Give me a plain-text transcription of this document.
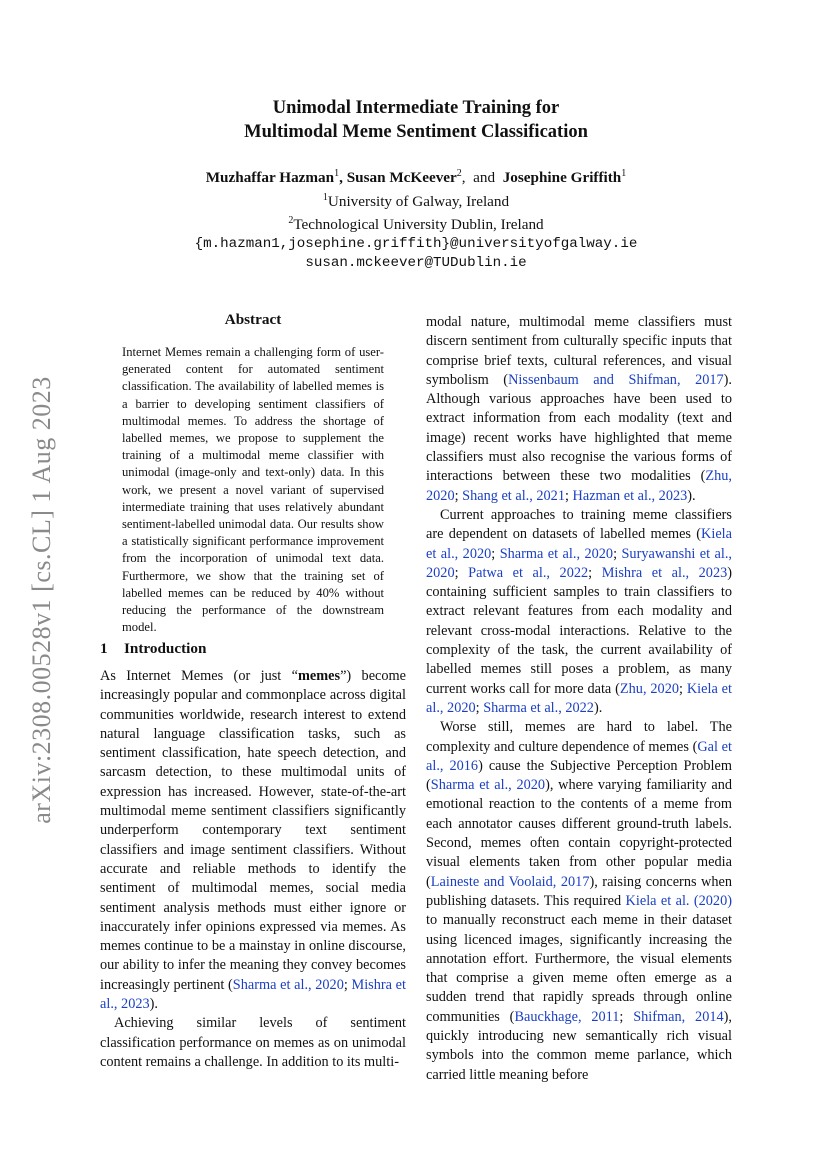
arXiv:2308.00528v1 [cs.CL] 1 Aug 2023
Unimodal Intermediate Training for
Multimodal Meme Sentiment Classification
Muzhaffar Hazman$^1$, Susan McKeever$^2$,  and  Josephine Griffith$^1$
$^1$University of Galway, Ireland
$^2$Technological University Dublin, Ireland
{m.hazman1,josephine.griffith}@universityofgalway.ie
susan.mckeever@TUDublin.ie
Abstract
Internet Memes remain a challenging form of user-generated content for automated sentiment classification. The availability of labelled memes is a barrier to developing sentiment classifiers of multimodal memes. To address the shortage of labelled memes, we propose to supplement the training of a multimodal meme classifier with unimodal (image-only and text-only) data. In this work, we present a novel variant of supervised intermediate training that uses relatively abundant sentiment-labelled unimodal data. Our results show a statistically significant performance improvement from the incorporation of unimodal text data. Furthermore, we show that the training set of labelled memes can be reduced by 40% without reducing the performance of the downstream model.
1 Introduction

As Internet Memes (or just “memes”) become increasingly popular and commonplace across digital communities worldwide, research interest to extend natural language classification tasks, such as sentiment classification, hate speech detection, and sarcasm detection, to these multimodal units of expression has increased. However, state-of-the-art multimodal meme sentiment classifiers significantly underperform contemporary text sentiment classifiers and image sentiment classifiers. Without accurate and reliable methods to identify the sentiment of multimodal memes, social media sentiment analysis methods must either ignore or inaccurately infer opinions expressed via memes. As memes continue to be a mainstay in online discourse, our ability to infer the meaning they convey becomes increasingly pertinent (Sharma et al., 2020; Mishra et al., 2023).

Achieving similar levels of sentiment classification performance on memes as on unimodal content remains a challenge. In addition to its multi-

modal nature, multimodal meme classifiers must discern sentiment from culturally specific inputs that comprise brief texts, cultural references, and visual symbolism (Nissenbaum and Shifman, 2017). Although various approaches have been used to extract information from each modality (text and image) recent works have highlighted that meme classifiers must also recognise the various forms of interactions between these two modalities (Zhu, 2020; Shang et al., 2021; Hazman et al., 2023).

Current approaches to training meme classifiers are dependent on datasets of labelled memes (Kiela et al., 2020; Sharma et al., 2020; Suryawanshi et al., 2020; Patwa et al., 2022; Mishra et al., 2023) containing sufficient samples to train classifiers to extract relevant features from each modality and relevant cross-modal interactions. Relative to the complexity of the task, the current availability of labelled memes still poses a problem, as many current works call for more data (Zhu, 2020; Kiela et al., 2020; Sharma et al., 2022).

Worse still, memes are hard to label. The complexity and culture dependence of memes (Gal et al., 2016) cause the Subjective Perception Problem (Sharma et al., 2020), where varying familiarity and emotional reaction to the contents of a meme from each annotator causes different ground-truth labels. Second, memes often contain copyright-protected visual elements taken from other popular media (Laineste and Voolaid, 2017), raising concerns when publishing datasets. This required Kiela et al. (2020) to manually reconstruct each meme in their dataset using licenced images, significantly increasing the annotation effort. Furthermore, the visual elements that comprise a given meme often emerge as a sudden trend that rapidly spreads through online communities (Bauckhage, 2011; Shifman, 2014), quickly introducing new semantically rich visual symbols into the common meme parlance, which carried little meaning before
